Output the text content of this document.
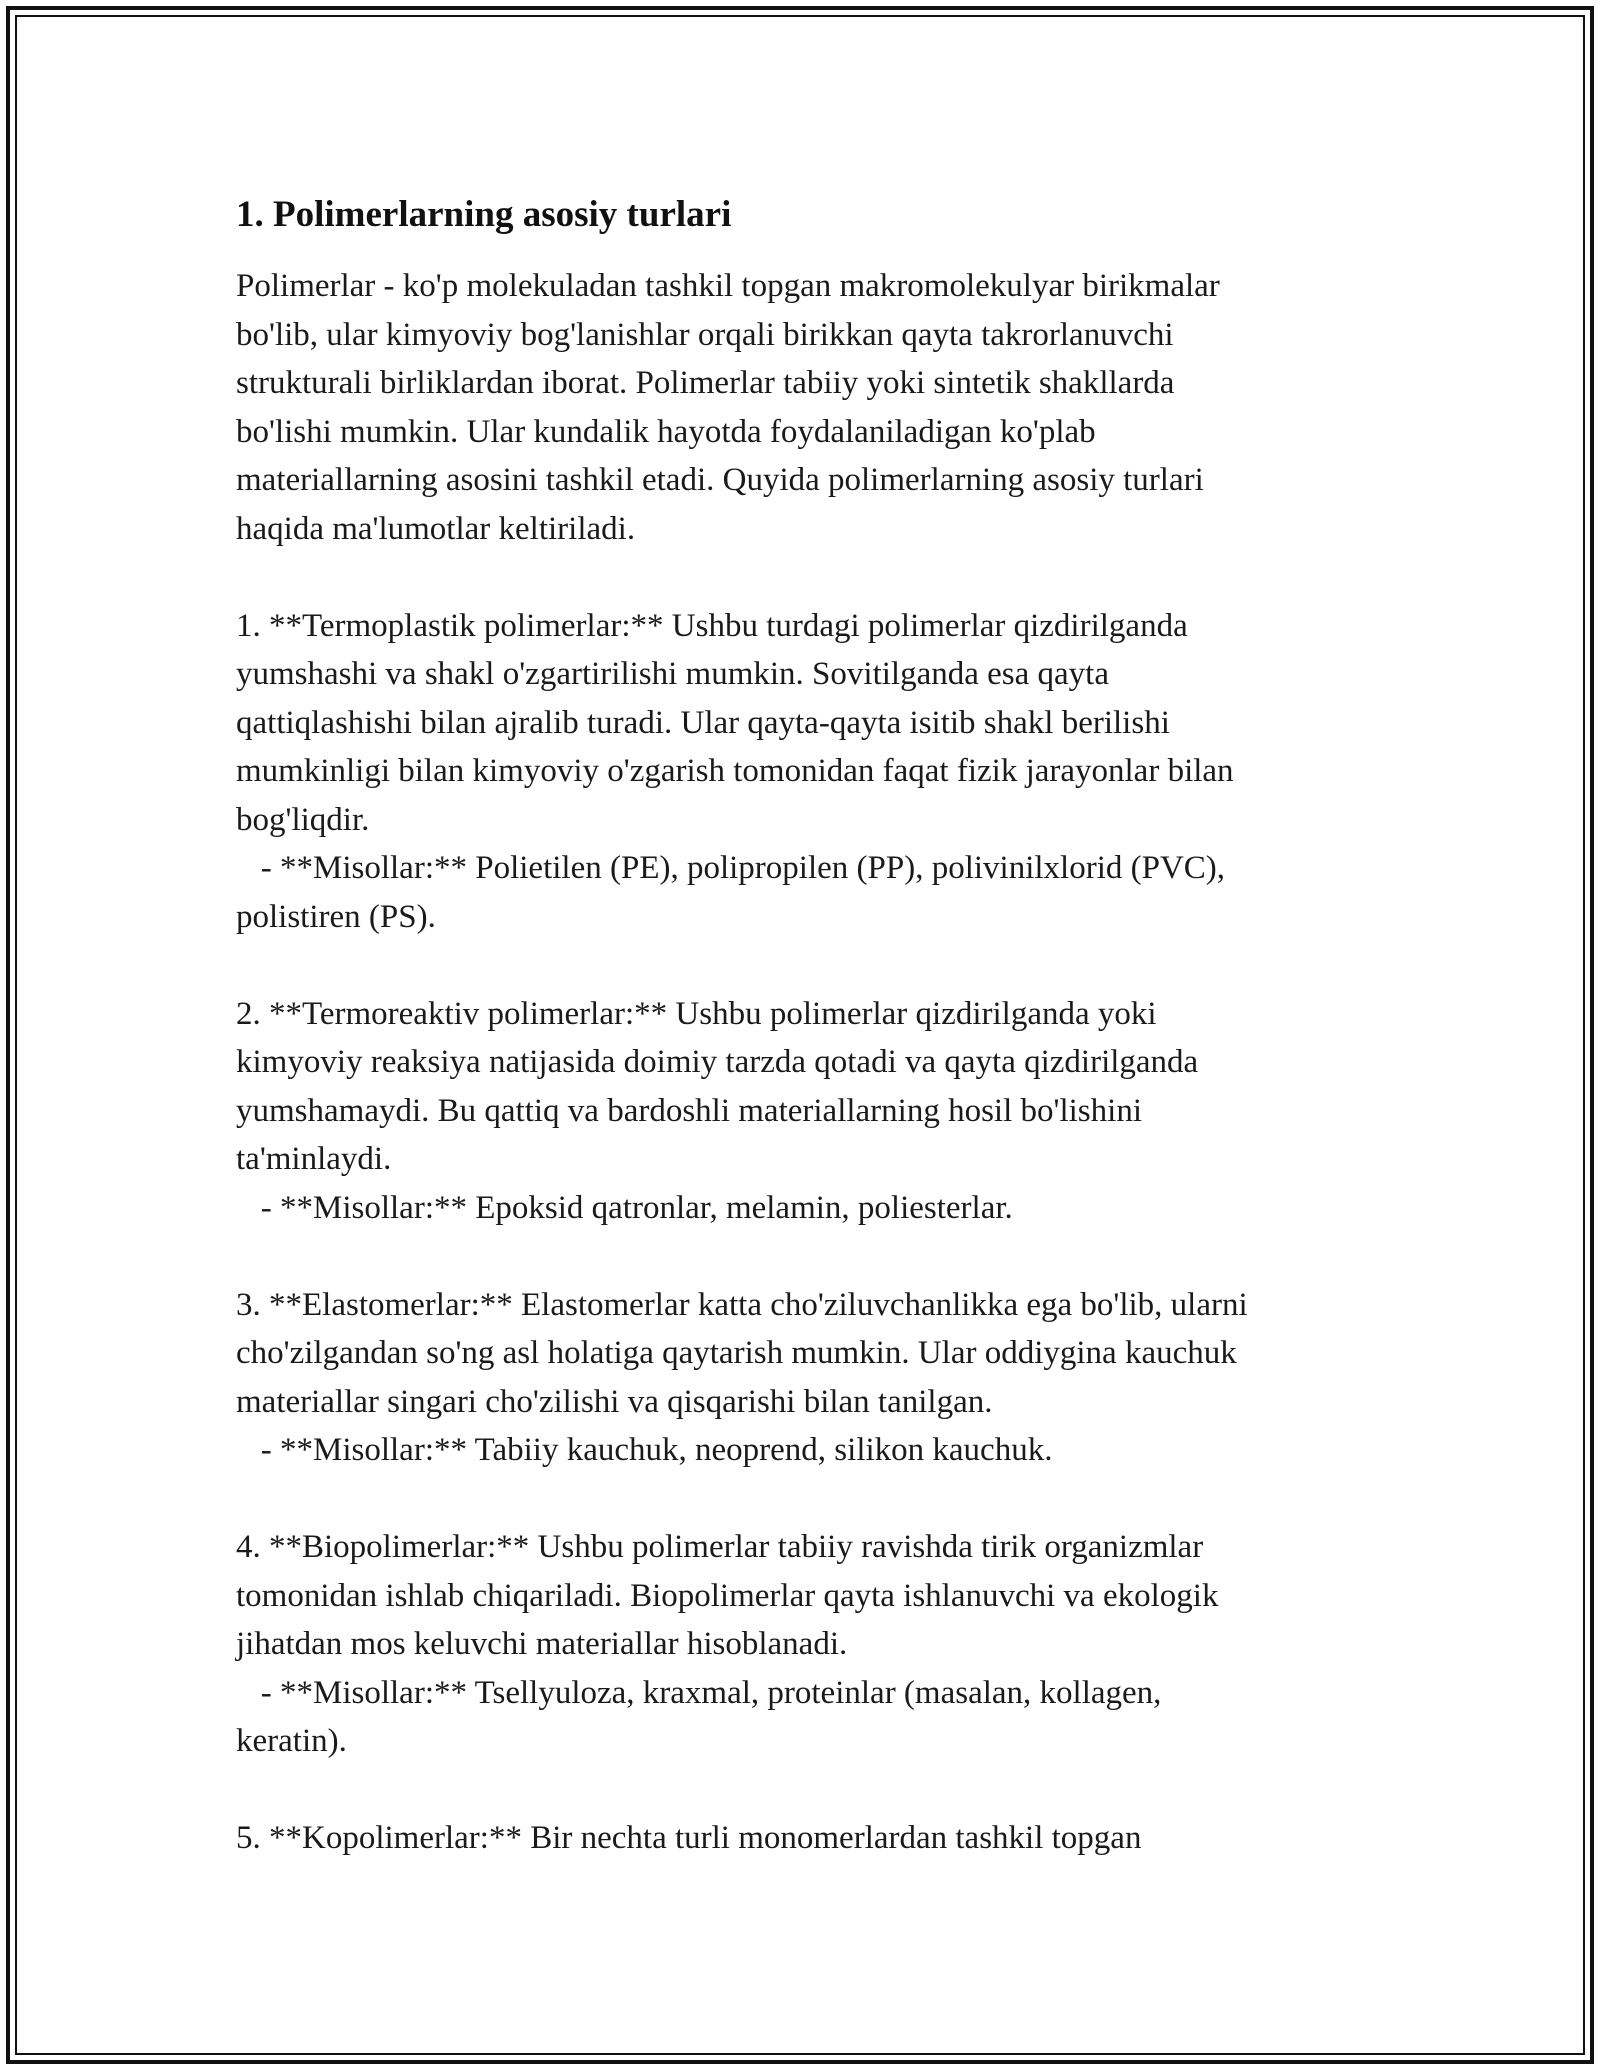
1. Polimerlarning asosiy turlari

Polimerlar - ko'p molekuladan tashkil topgan makromolekulyar birikmalar
bo'lib, ular kimyoviy bog'lanishlar orqali birikkan qayta takrorlanuvchi
strukturali birliklardan iborat. Polimerlar tabiiy yoki sintetik shakllarda
bo'lishi mumkin. Ular kundalik hayotda foydalaniladigan ko'plab
materiallarning asosini tashkil etadi. Quyida polimerlarning asosiy turlari
haqida ma'lumotlar keltiriladi.

1. **Termoplastik polimerlar:** Ushbu turdagi polimerlar qizdirilganda
yumshashi va shakl o'zgartirilishi mumkin. Sovitilganda esa qayta
qattiqlashishi bilan ajralib turadi. Ular qayta-qayta isitib shakl berilishi
mumkinligi bilan kimyoviy o'zgarish tomonidan faqat fizik jarayonlar bilan
bog'liqdir.
- **Misollar:** Polietilen (PE), polipropilen (PP), polivinilxlorid (PVC),
polistiren (PS).

2. **Termoreaktiv polimerlar:** Ushbu polimerlar qizdirilganda yoki
kimyoviy reaksiya natijasida doimiy tarzda qotadi va qayta qizdirilganda
yumshamaydi. Bu qattiq va bardoshli materiallarning hosil bo'lishini
ta'minlaydi.
- **Misollar:** Epoksid qatronlar, melamin, poliesterlar.

3. **Elastomerlar:** Elastomerlar katta cho'ziluvchanlikka ega bo'lib, ularni
cho'zilgandan so'ng asl holatiga qaytarish mumkin. Ular oddiygina kauchuk
materiallar singari cho'zilishi va qisqarishi bilan tanilgan.
- **Misollar:** Tabiiy kauchuk, neoprend, silikon kauchuk.

4. **Biopolimerlar:** Ushbu polimerlar tabiiy ravishda tirik organizmlar
tomonidan ishlab chiqariladi. Biopolimerlar qayta ishlanuvchi va ekologik
jihatdan mos keluvchi materiallar hisoblanadi.
- **Misollar:** Tsellyuloza, kraxmal, proteinlar (masalan, kollagen,
keratin).

5. **Kopolimerlar:** Bir nechta turli monomerlardan tashkil topgan
